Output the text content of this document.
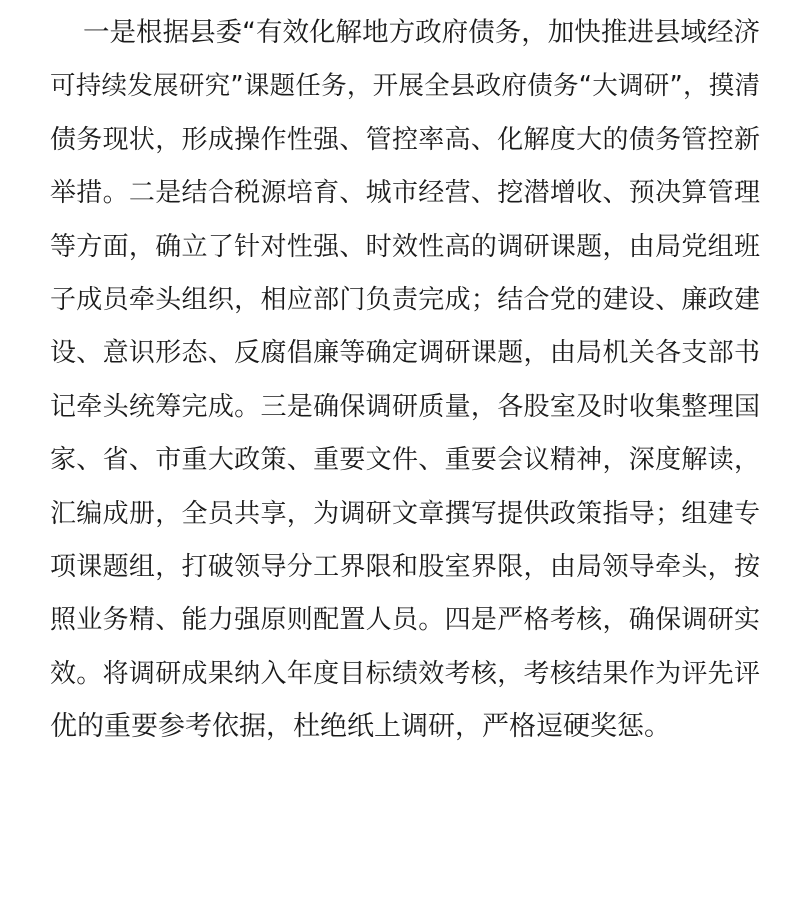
一是根据县委“有效化解地方政府债务，加快推进县域经济
可持续发展研究”课题任务，开展全县政府债务“大调研”，摸清
债务现状，形成操作性强、管控率高、化解度大的债务管控新
举措。二是结合税源培育、城市经营、挖潜增收、预决算管理
等方面，确立了针对性强、时效性高的调研课题，由局党组班
子成员牵头组织，相应部门负责完成；结合党的建设、廉政建
设、意识形态、反腐倡廉等确定调研课题，由局机关各支部书
记牵头统筹完成。三是确保调研质量，各股室及时收集整理国
家、省、市重大政策、重要文件、重要会议精神，深度解读，
汇编成册，全员共享，为调研文章撰写提供政策指导；组建专
项课题组，打破领导分工界限和股室界限，由局领导牵头，按
照业务精、能力强原则配置人员。四是严格考核，确保调研实
效。将调研成果纳入年度目标绩效考核，考核结果作为评先评
优的重要参考依据，杜绝纸上调研，严格逗硬奖惩。
